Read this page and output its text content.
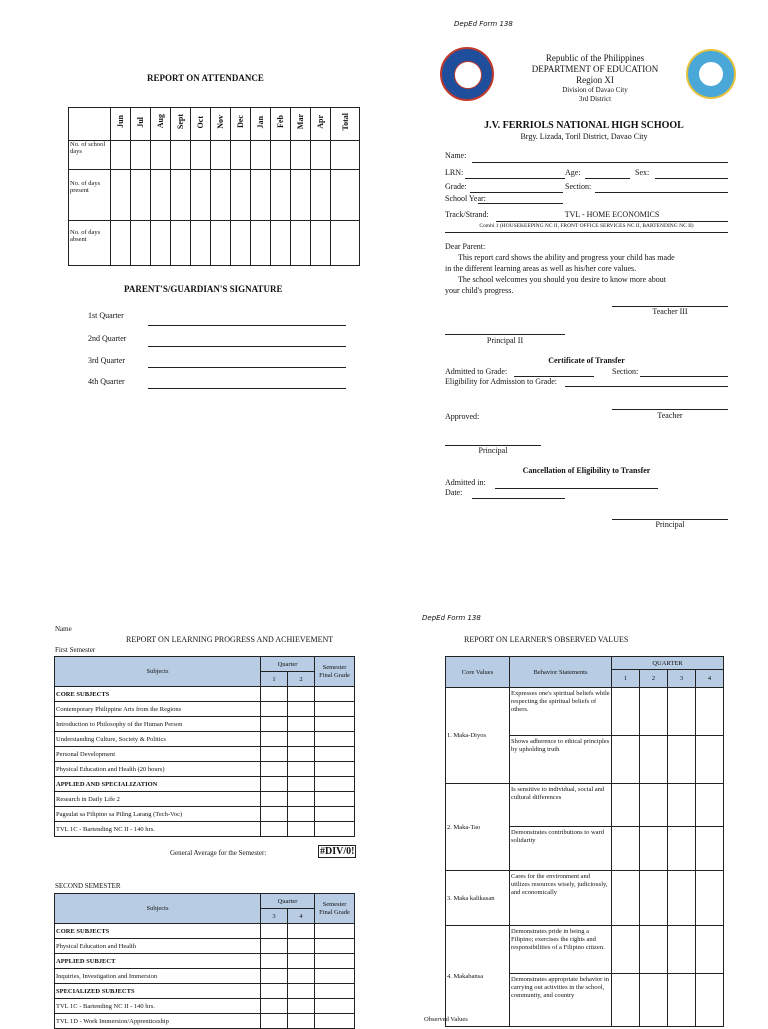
REPORT ON ATTENDANCE
	Jun	Jul	Aug	Sept	Oct	Nov	Dec	Jan	Feb	Mar	Apr	Total
No. of school days												
No. of days present												
No. of days absent												
PARENT'S/GUARDIAN'S SIGNATURE
1st Quarter
2nd Quarter
3rd Quarter
4th Quarter
DepEd Form 138
Republic of the Philippines
DEPARTMENT OF EDUCATION
Region XI
Division of Davao City
3rd District
J.V. FERRIOLS NATIONAL HIGH SCHOOL
Brgy. Lizada, Toril District, Davao City
Name:
LRN:	Age:	Sex:
Grade:	Section:
School Year:
Track/Strand:	TVL - HOME ECONOMICS
Combi 1 (HOUSEKEEPING NC II, FRONT OFFICE SERVICES NC II, BARTENDING NC II)
Dear Parent:
This report card shows the ability and progress your child has made
in the different learning areas as well as his/her core values.
The school welcomes you should you desire to know more about
your child's progress.
Teacher III
Principal II
Certificate of Transfer
Admitted to Grade:	Section:
Eligibility for Admission to Grade:
Approved:	Teacher
Principal
Cancellation of Eligibility to Transfer
Admitted in:
Date:
Principal
Name
REPORT ON LEARNING PROGRESS AND ACHIEVEMENT
First Semester
Subjects	Quarter		Semester Final Grade
	1	2	
CORE SUBJECTS			
Contemporary Philippine Arts from the Regions			
Introduction to Philosophy of the Human Person			
Understanding Culture, Society & Politics			
Personal Development			
Physical Education and Health (20 hours)			
APPLIED AND SPECIALIZATION			
Research in Daily Life 2			
Pagsulat sa Filipino sa Piling Larang (Tech-Voc)			
TVL 1C - Bartending NC II - 140 hrs.			
General Average for the Semester:	#DIV/0!
SECOND SEMESTER
Subjects	Quarter		Semester Final Grade
	3	4	
CORE SUBJECTS			
Physical Education and Health			
APPLIED SUBJECT			
Inquiries, Investigation and Immersion			
SPECIALIZED SUBJECTS			
TVL 1C - Bartending NC II - 140 hrs.			
TVL 1D - Work Immersion/Apprenticeship			
DepEd Form 138
REPORT ON LEARNER'S OBSERVED VALUES
Core Values	Behavior Statements	QUARTER			
		1	2	3	4
1. Maka-Diyos	Expresses one's spiritual beliefs while respecting the spiritual beliefs of others.				
	Shows adherence to ethical principles by upholding truth				
2. Maka-Tao	Is sensitive to individual, social and cultural differences				
	Demonstrates contributions to ward solidarity				
3. Maka kalikasan	Cares for the environment and utilizes resources wisely, judiciously, and economically				
4. Makabansa	Demonstrates pride in being a Filipino; exercises the rights and responsibilities of a Filipino citizen.				
	Demonstrates appropriate behavior in carrying out activities in the school, community, and country				
Observed Values
